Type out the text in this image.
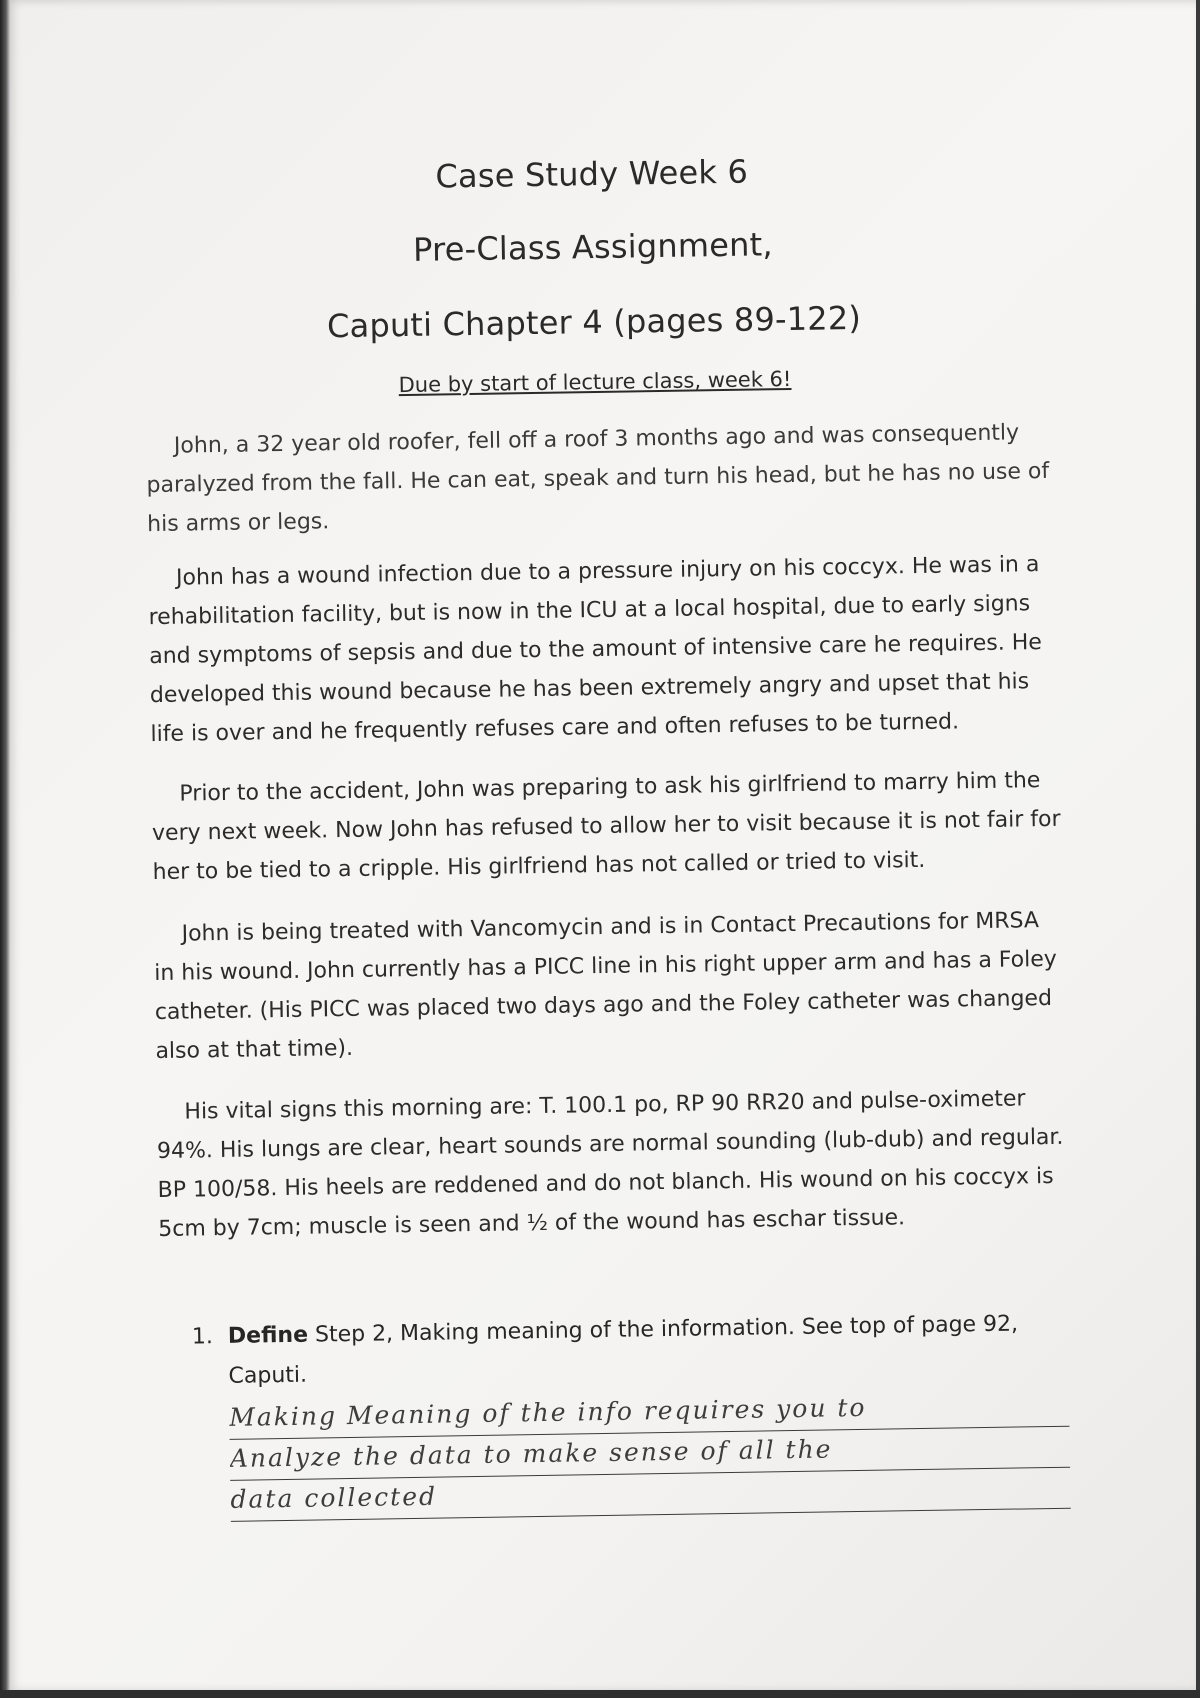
Case Study Week 6
Pre-Class Assignment,
Caputi Chapter 4 (pages 89-122)
Due by start of lecture class, week 6!
John, a 32 year old roofer, fell off a roof 3 months ago and was consequently paralyzed from the fall. He can eat, speak and turn his head, but he has no use of his arms or legs.
John has a wound infection due to a pressure injury on his coccyx. He was in a rehabilitation facility, but is now in the ICU at a local hospital, due to early signs and symptoms of sepsis and due to the amount of intensive care he requires. He developed this wound because he has been extremely angry and upset that his life is over and he frequently refuses care and often refuses to be turned.
Prior to the accident, John was preparing to ask his girlfriend to marry him the very next week. Now John has refused to allow her to visit because it is not fair for her to be tied to a cripple. His girlfriend has not called or tried to visit.
John is being treated with Vancomycin and is in Contact Precautions for MRSA in his wound. John currently has a PICC line in his right upper arm and has a Foley catheter. (His PICC was placed two days ago and the Foley catheter was changed also at that time).
His vital signs this morning are: T. 100.1 po, RP 90 RR20 and pulse-oximeter 94%. His lungs are clear, heart sounds are normal sounding (lub-dub) and regular. BP 100/58. His heels are reddened and do not blanch. His wound on his coccyx is 5cm by 7cm; muscle is seen and ½ of the wound has eschar tissue.
1. Define Step 2, Making meaning of the information. See top of page 92, Caputi.
Making Meaning of the info requires you to
Analyze the data to make sense of all the
data collected
